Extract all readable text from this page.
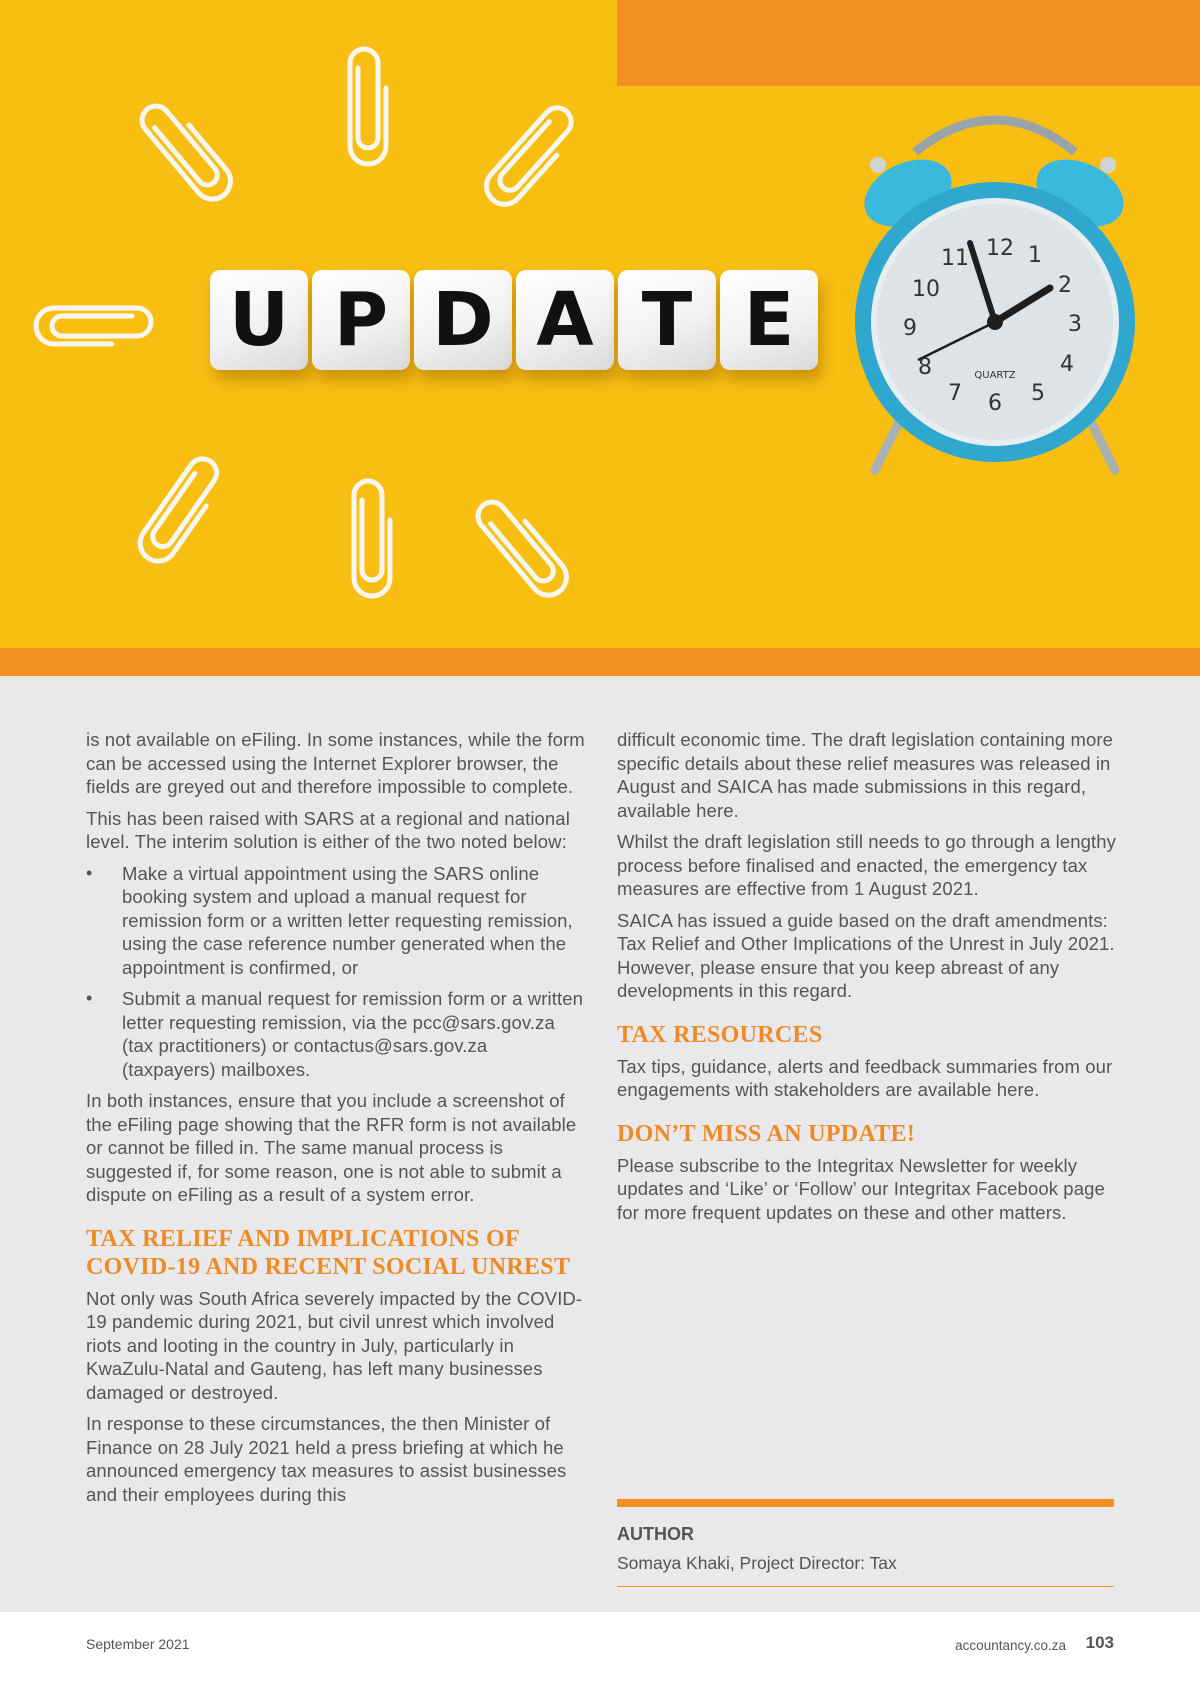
12 1
2
3
4
5
6
7
8
9
10
11
QUARTZ
U P D A T E

is not available on eFiling. In some instances, while the form can be accessed using the Internet Explorer browser, the fields are greyed out and therefore impossible to complete.

This has been raised with SARS at a regional and national level. The interim solution is either of the two noted below:

• Make a virtual appointment using the SARS online booking system and upload a manual request for remission form or a written letter requesting remission, using the case reference number generated when the appointment is confirmed, or
• Submit a manual request for remission form or a written letter requesting remission, via the pcc@sars.gov.za (tax practitioners) or contactus@sars.gov.za (taxpayers) mailboxes.

In both instances, ensure that you include a screenshot of the eFiling page showing that the RFR form is not available or cannot be filled in. The same manual process is suggested if, for some reason, one is not able to submit a dispute on eFiling as a result of a system error.

TAX RELIEF AND IMPLICATIONS OF COVID-19 AND RECENT SOCIAL UNREST

Not only was South Africa severely impacted by the COVID-19 pandemic during 2021, but civil unrest which involved riots and looting in the country in July, particularly in KwaZulu-Natal and Gauteng, has left many businesses damaged or destroyed.

In response to these circumstances, the then Minister of Finance on 28 July 2021 held a press briefing at which he announced emergency tax measures to assist businesses and their employees during this

difficult economic time. The draft legislation containing more specific details about these relief measures was released in August and SAICA has made submissions in this regard, available here.

Whilst the draft legislation still needs to go through a lengthy process before finalised and enacted, the emergency tax measures are effective from 1 August 2021.

SAICA has issued a guide based on the draft amendments: Tax Relief and Other Implications of the Unrest in July 2021. However, please ensure that you keep abreast of any developments in this regard.

TAX RESOURCES

Tax tips, guidance, alerts and feedback summaries from our engagements with stakeholders are available here.

DON’T MISS AN UPDATE!

Please subscribe to the Integritax Newsletter for weekly updates and ‘Like’ or ‘Follow’ our Integritax Facebook page for more frequent updates on these and other matters.

AUTHOR
Somaya Khaki, Project Director: Tax
September 2021	accountancy.co.za 103
